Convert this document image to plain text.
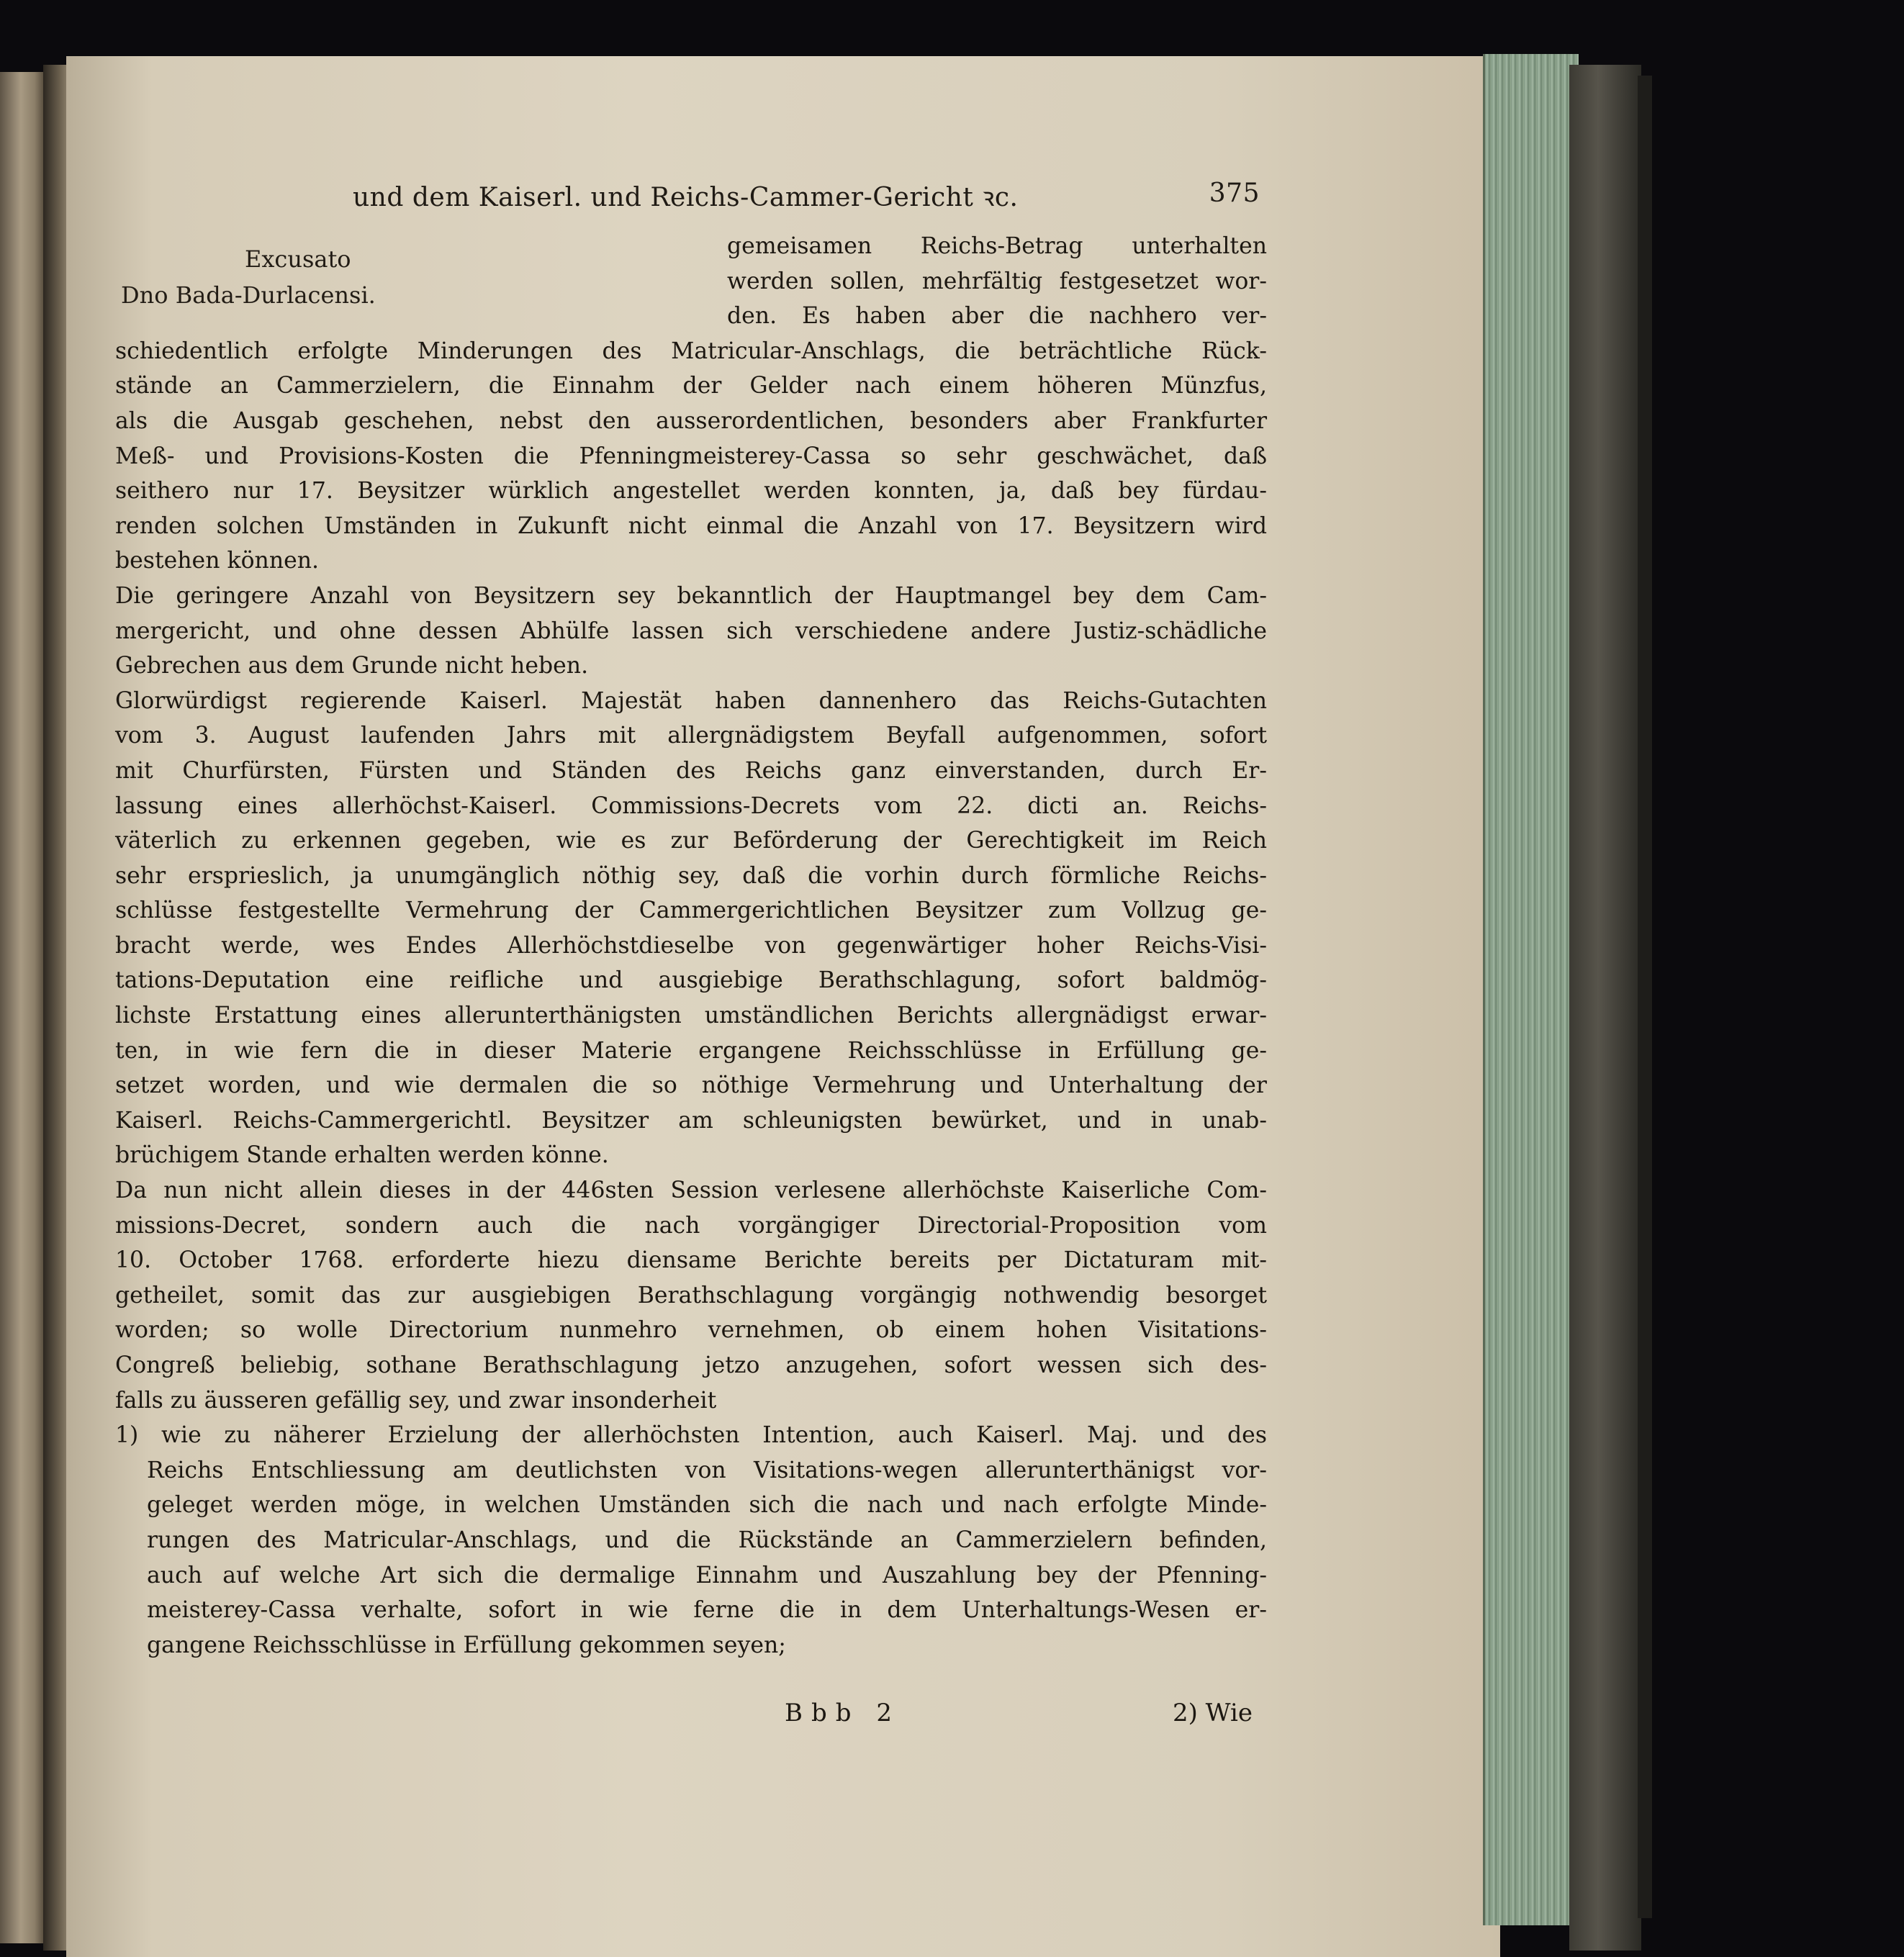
und dem Kaiserl. und Reichs-Cammer-Gericht ꝛc.	375
Excusato
Dno Bada-Durlacensi.

gemeisamen Reichs-Betrag unterhalten
werden sollen, mehrfältig festgesetzet wor-
den. Es haben aber die nachhero ver-
schiedentlich erfolgte Minderungen des Matricular-Anschlags, die beträchtliche Rück-
stände an Cammerzielern, die Einnahm der Gelder nach einem höheren Münzfus,
als die Ausgab geschehen, nebst den ausserordentlichen, besonders aber Frankfurter
Meß- und Provisions-Kosten die Pfenningmeisterey-Cassa so sehr geschwächet, daß
seithero nur 17. Beysitzer würklich angestellet werden konnten, ja, daß bey fürdau-
renden solchen Umständen in Zukunft nicht einmal die Anzahl von 17. Beysitzern wird
bestehen können.

Die geringere Anzahl von Beysitzern sey bekanntlich der Hauptmangel bey dem Cam-
mergericht, und ohne dessen Abhülfe lassen sich verschiedene andere Justiz-schädliche
Gebrechen aus dem Grunde nicht heben.

Glorwürdigst regierende Kaiserl. Majestät haben dannenhero das Reichs-Gutachten
vom 3. August laufenden Jahrs mit allergnädigstem Beyfall aufgenommen, sofort
mit Churfürsten, Fürsten und Ständen des Reichs ganz einverstanden, durch Er-
lassung eines allerhöchst-Kaiserl. Commissions-Decrets vom 22. dicti an. Reichs-
väterlich zu erkennen gegeben, wie es zur Beförderung der Gerechtigkeit im Reich
sehr ersprieslich, ja unumgänglich nöthig sey, daß die vorhin durch förmliche Reichs-
schlüsse festgestellte Vermehrung der Cammergerichtlichen Beysitzer zum Vollzug ge-
bracht werde, wes Endes Allerhöchstdieselbe von gegenwärtiger hoher Reichs-Visi-
tations-Deputation eine reifliche und ausgiebige Berathschlagung, sofort baldmög-
lichste Erstattung eines allerunterthänigsten umständlichen Berichts allergnädigst erwar-
ten, in wie fern die in dieser Materie ergangene Reichsschlüsse in Erfüllung ge-
setzet worden, und wie dermalen die so nöthige Vermehrung und Unterhaltung der
Kaiserl. Reichs-Cammergerichtl. Beysitzer am schleunigsten bewürket, und in unab-
brüchigem Stande erhalten werden könne.

Da nun nicht allein dieses in der 446sten Session verlesene allerhöchste Kaiserliche Com-
missions-Decret, sondern auch die nach vorgängiger Directorial-Proposition vom
10. October 1768. erforderte hiezu diensame Berichte bereits per Dictaturam mit-
getheilet, somit das zur ausgiebigen Berathschlagung vorgängig nothwendig besorget
worden; so wolle Directorium nunmehro vernehmen, ob einem hohen Visitations-
Congreß beliebig, sothane Berathschlagung jetzo anzugehen, sofort wessen sich des-
falls zu äusseren gefällig sey, und zwar insonderheit

1) wie zu näherer Erzielung der allerhöchsten Intention, auch Kaiserl. Maj. und des
Reichs Entschliessung am deutlichsten von Visitations-wegen allerunterthänigst vor-
geleget werden möge, in welchen Umständen sich die nach und nach erfolgte Minde-
rungen des Matricular-Anschlags, und die Rückstände an Cammerzielern befinden,
auch auf welche Art sich die dermalige Einnahm und Auszahlung bey der Pfenning-
meisterey-Cassa verhalte, sofort in wie ferne die in dem Unterhaltungs-Wesen er-
gangene Reichsschlüsse in Erfüllung gekommen seyen;

Bbb 2	2) Wie
